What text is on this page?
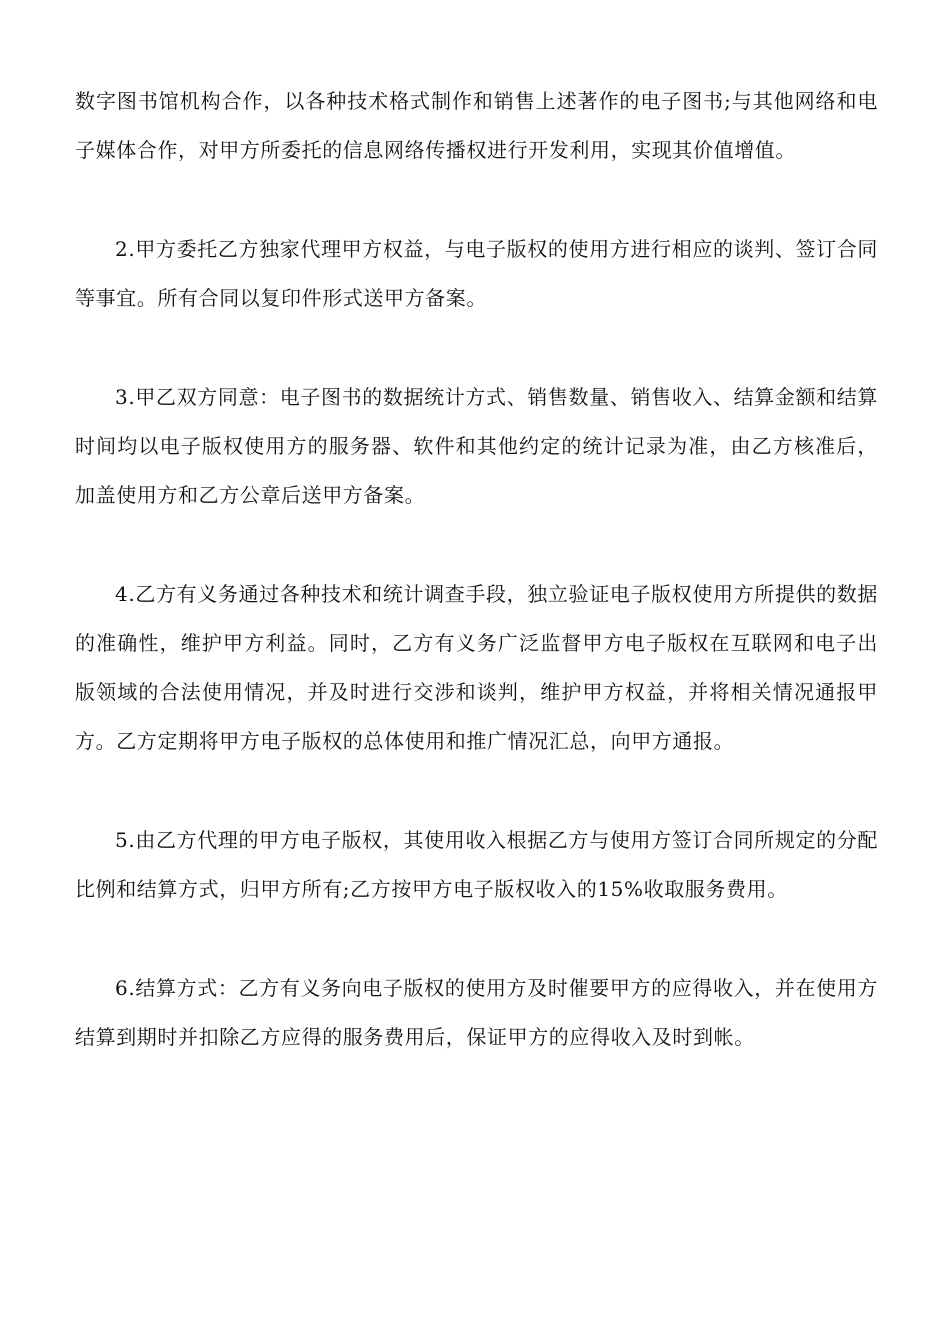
数字图书馆机构合作，以各种技术格式制作和销售上述著作的电子图书;与其他网络和电子媒体合作，对甲方所委托的信息网络传播权进行开发利用，实现其价值增值。

2.甲方委托乙方独家代理甲方权益，与电子版权的使用方进行相应的谈判、签订合同等事宜。所有合同以复印件形式送甲方备案。

3.甲乙双方同意：电子图书的数据统计方式、销售数量、销售收入、结算金额和结算时间均以电子版权使用方的服务器、软件和其他约定的统计记录为准，由乙方核准后，加盖使用方和乙方公章后送甲方备案。

4.乙方有义务通过各种技术和统计调查手段，独立验证电子版权使用方所提供的数据的准确性，维护甲方利益。同时，乙方有义务广泛监督甲方电子版权在互联网和电子出版领域的合法使用情况，并及时进行交涉和谈判，维护甲方权益，并将相关情况通报甲方。乙方定期将甲方电子版权的总体使用和推广情况汇总，向甲方通报。

5.由乙方代理的甲方电子版权，其使用收入根据乙方与使用方签订合同所规定的分配比例和结算方式，归甲方所有;乙方按甲方电子版权收入的15%收取服务费用。

6.结算方式：乙方有义务向电子版权的使用方及时催要甲方的应得收入，并在使用方结算到期时并扣除乙方应得的服务费用后，保证甲方的应得收入及时到帐。
